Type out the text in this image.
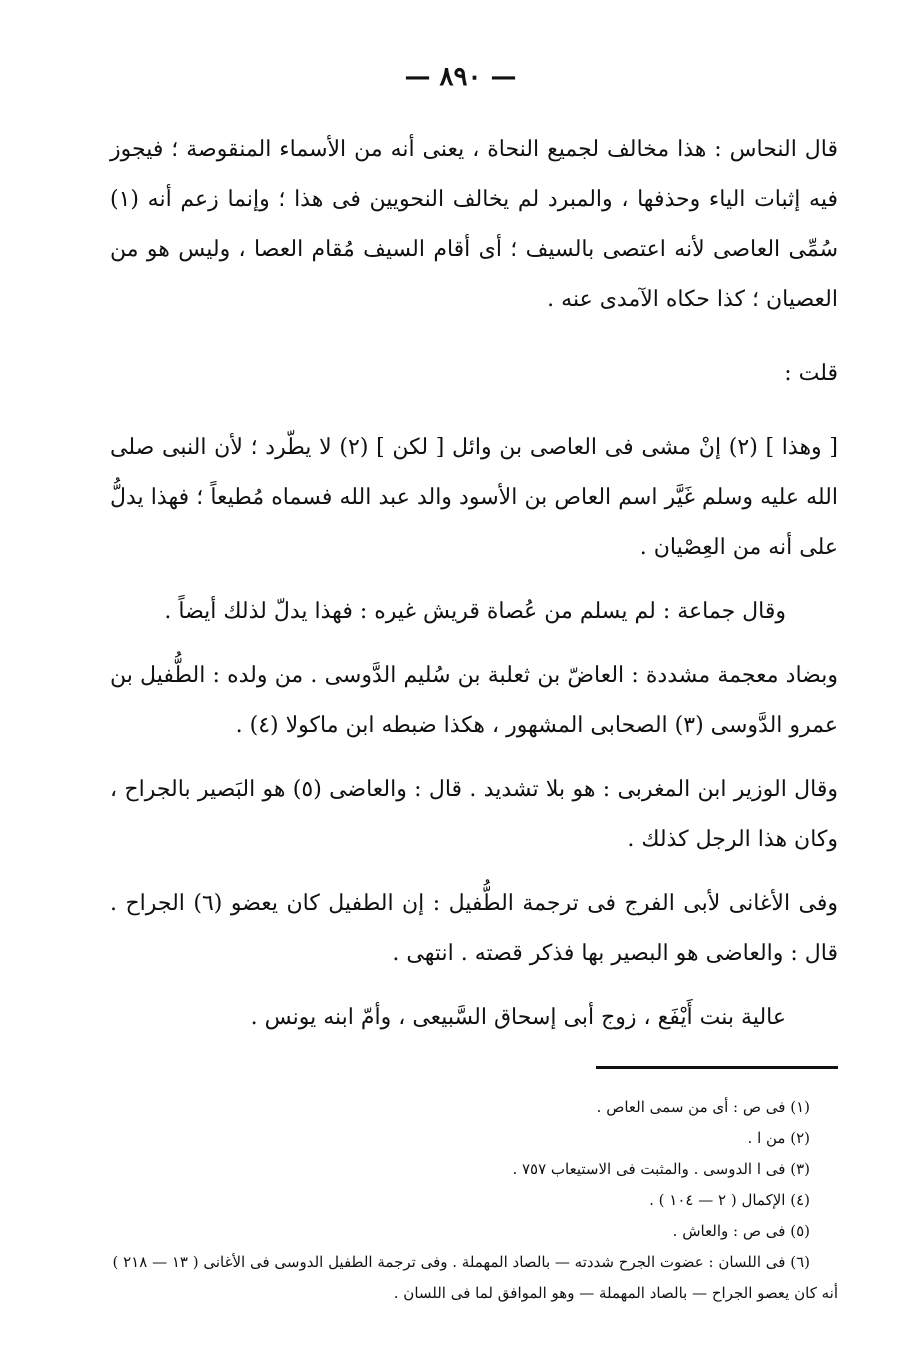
— ٨٩٠ —

قال النحاس : هذا مخالف لجميع النحاة ، يعنى أنه من الأسماء المنقوصة ؛ فيجوز فيه إثبات الياء وحذفها ، والمبرد لم يخالف النحويين فى هذا ؛ وإنما زعم أنه (١) سُمِّى العاصى لأنه اعتصى بالسيف ؛ أى أقام السيف مُقام العصا ، وليس هو من العصيان ؛ كذا حكاه الآمدى عنه .

قلت :

[ وهذا ] (٢) إنْ مشى فى العاصى بن وائل [ لكن ] (٢) لا يطّرد ؛ لأن النبى صلى الله عليه وسلم غَيَّر اسم العاص بن الأسود والد عبد الله فسماه مُطيعاً ؛ فهذا يدلُّ على أنه من العِصْيان .

وقال جماعة : لم يسلم من عُصاة قريش غيره : فهذا يدلّ لذلك أيضاً .

وبضاد معجمة مشددة : العاضّ بن ثعلبة بن سُليم الدَّوسى . من ولده : الطُّفيل بن عمرو الدَّوسى (٣) الصحابى المشهور ، هكذا ضبطه ابن ماكولا (٤) .

وقال الوزير ابن المغربى : هو بلا تشديد . قال : والعاضى (٥) هو البَصير بالجراح ، وكان هذا الرجل كذلك .

وفى الأغانى لأبى الفرج فى ترجمة الطُّفيل : إن الطفيل كان يعضو (٦) الجراح . قال : والعاضى هو البصير بها فذكر قصته . انتهى .

عالية بنت أَيْفَع ، زوج أبى إسحاق السَّبيعى ، وأمّ ابنه يونس .

(١) فى ص : أى من سمى العاص .
(٢) من ا .
(٣) فى ا الدوسى . والمثبت فى الاستيعاب ٧٥٧ .
(٤) الإكمال ( ٢ — ١٠٤ ) .
(٥) فى ص : والعاش .
(٦) فى اللسان : عضوت الجرح شددته — بالصاد المهملة . وفى ترجمة الطفيل الدوسى فى الأغانى ( ١٣ — ٢١٨ )
أنه كان يعصو الجراح — بالصاد المهملة — وهو الموافق لما فى اللسان .
